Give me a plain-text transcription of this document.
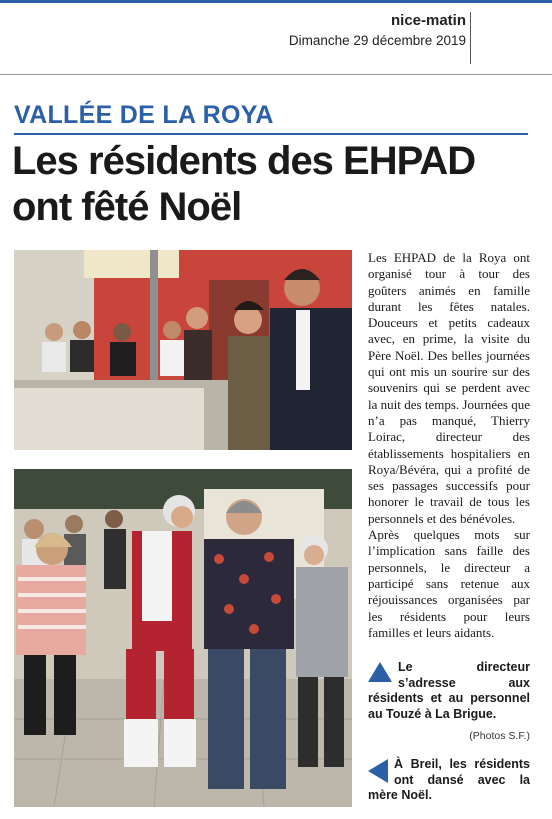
nice-matin
Dimanche 29 décembre 2019
VALLÉE DE LA ROYA
Les résidents des EHPAD ont fêté Noël

Les EHPAD de la Roya ont organisé tour à tour des goûters animés en famille durant les fêtes natales. Douceurs et petits cadeaux avec, en prime, la visite du Père Noël. Des belles journées qui ont mis un sourire sur des souvenirs qui se perdent avec la nuit des temps. Journées que n’a pas manqué, Thierry Loirac, directeur des établissements hospitaliers en Roya/Bévéra, qui a profité de ses passages successifs pour honorer le travail de tous les personnels et des bénévoles.

Après quelques mots sur l’implication sans faille des personnels, le directeur a participé sans retenue aux réjouissances organisées par les résidents pour leurs familles et leurs aidants.

Le directeur s’adresse aux résidents et au personnel au Touzé à La Brigue.
(Photos S.F.)
À Breil, les résidents ont dansé avec la mère Noël.
